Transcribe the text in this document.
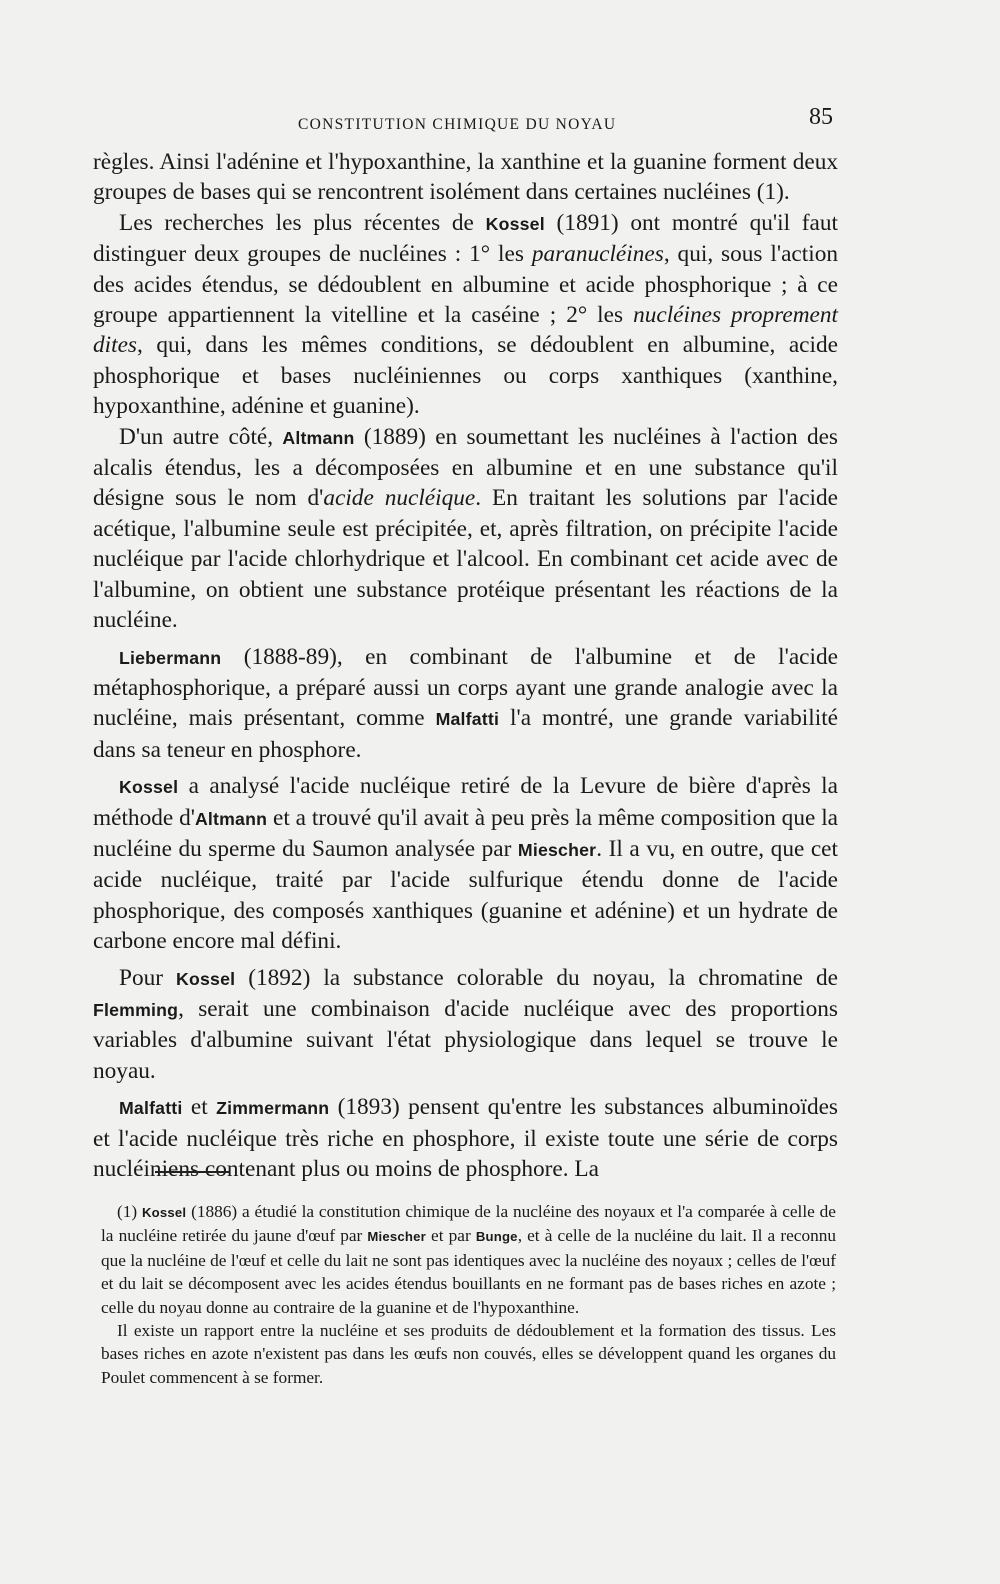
CONSTITUTION CHIMIQUE DU NOYAU	85

règles. Ainsi l'adénine et l'hypoxanthine, la xanthine et la guanine forment deux groupes de bases qui se rencontrent isolément dans certaines nucléines (1).

Les recherches les plus récentes de Kossel (1891) ont montré qu'il faut distinguer deux groupes de nucléines : 1° les paranucléines, qui, sous l'action des acides étendus, se dédoublent en albumine et acide phosphorique ; à ce groupe appartiennent la vitelline et la caséine ; 2° les nucléines proprement dites, qui, dans les mêmes conditions, se dédoublent en albumine, acide phosphorique et bases nucléiniennes ou corps xanthiques (xanthine, hypoxanthine, adénine et guanine).

D'un autre côté, Altmann (1889) en soumettant les nucléines à l'action des alcalis étendus, les a décomposées en albumine et en une substance qu'il désigne sous le nom d'acide nucléique. En traitant les solutions par l'acide acétique, l'albumine seule est précipitée, et, après filtration, on précipite l'acide nucléique par l'acide chlorhydrique et l'alcool. En combinant cet acide avec de l'albumine, on obtient une substance protéique présentant les réactions de la nucléine.

Liebermann (1888-89), en combinant de l'albumine et de l'acide métaphosphorique, a préparé aussi un corps ayant une grande analogie avec la nucléine, mais présentant, comme Malfatti l'a montré, une grande variabilité dans sa teneur en phosphore.

Kossel a analysé l'acide nucléique retiré de la Levure de bière d'après la méthode d'Altmann et a trouvé qu'il avait à peu près la même composition que la nucléine du sperme du Saumon analysée par Miescher. Il a vu, en outre, que cet acide nucléique, traité par l'acide sulfurique étendu donne de l'acide phosphorique, des composés xanthiques (guanine et adénine) et un hydrate de carbone encore mal défini.

Pour Kossel (1892) la substance colorable du noyau, la chromatine de Flemming, serait une combinaison d'acide nucléique avec des proportions variables d'albumine suivant l'état physiologique dans lequel se trouve le noyau.

Malfatti et Zimmermann (1893) pensent qu'entre les substances albuminoïdes et l'acide nucléique très riche en phosphore, il existe toute une série de corps nucléiniens contenant plus ou moins de phosphore. La

(1) Kossel (1886) a étudié la constitution chimique de la nucléine des noyaux et l'a comparée à celle de la nucléine retirée du jaune d'œuf par Miescher et par Bunge, et à celle de la nucléine du lait. Il a reconnu que la nucléine de l'œuf et celle du lait ne sont pas identiques avec la nucléine des noyaux ; celles de l'œuf et du lait se décomposent avec les acides étendus bouillants en ne formant pas de bases riches en azote ; celle du noyau donne au contraire de la guanine et de l'hypoxanthine.

Il existe un rapport entre la nucléine et ses produits de dédoublement et la formation des tissus. Les bases riches en azote n'existent pas dans les œufs non couvés, elles se développent quand les organes du Poulet commencent à se former.
